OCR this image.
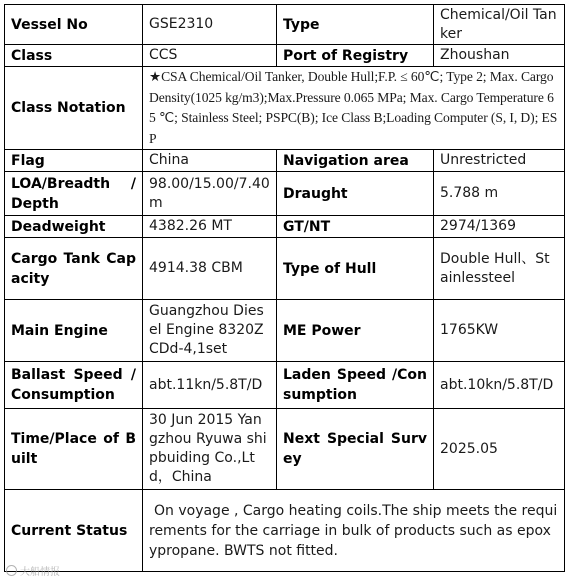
Vessel No	GSE2310	Type	Chemical/Oil Tanker
Class	CCS	Port of Registry	Zhoushan
Class Notation	★CSA Chemical/Oil Tanker, Double Hull;F.P. ≤ 60℃; Type 2; Max. Cargo Density(1025 kg/m3);Max.Pressure 0.065 MPa; Max. Cargo Temperature 65 ℃; Stainless Steel; PSPC(B); Ice Class B;Loading Computer (S, I, D); ESP		
Flag	China	Navigation area	Unrestricted
LOA/Breadth / Depth	98.00/15.00/7.40 m	Draught	5.788 m
Deadweight	4382.26 MT	GT/NT	2974/1369
Cargo Tank Capacity	4914.38 CBM	Type of Hull	Double Hull、Stainlessteel
Main Engine	Guangzhou Diesel Engine 8320ZCDd-4,1set	ME Power	1765KW
Ballast Speed / Consumption	abt.11kn/5.8T/D	Laden Speed /Consumption	abt.10kn/5.8T/D
Time/Place of Built	30 Jun 2015 Yangzhou Ryuwa shipbuiding Co.,Ltd，China	Next Special Survey	2025.05
Current Status	On voyage , Cargo heating coils.The ship meets the requirements for the carriage in bulk of products such as epoxypropane. BWTS not fitted.		
大船情报
